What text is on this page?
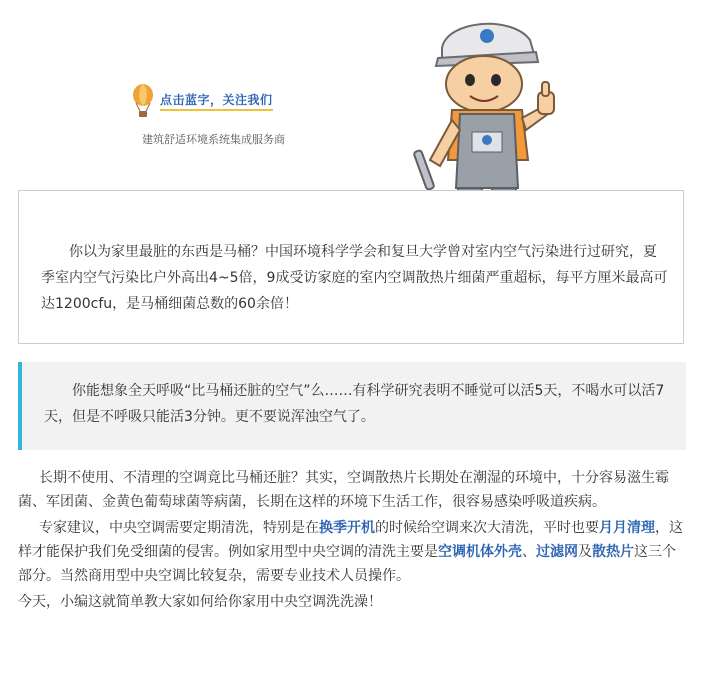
点击蓝字，关注我们
建筑舒适环境系统集成服务商

你以为家里最脏的东西是马桶？中国环境科学学会和复旦大学曾对室内空气污染进行过研究，夏季室内空气污染比户外高出4~5倍，9成受访家庭的室内空调散热片细菌严重超标，每平方厘米最高可达1200cfu，是马桶细菌总数的60余倍！

你能想象全天呼吸“比马桶还脏的空气”么……有科学研究表明不睡觉可以活5天，不喝水可以活7天，但是不呼吸只能活3分钟。更不要说浑浊空气了。

长期不使用、不清理的空调竟比马桶还脏？其实，空调散热片长期处在潮湿的环境中，十分容易滋生霉菌、军团菌、金黄色葡萄球菌等病菌，长期在这样的环境下生活工作，很容易感染呼吸道疾病。

专家建议，中央空调需要定期清洗，特别是在换季开机的时候给空调来次大清洗，平时也要月月清理，这样才能保护我们免受细菌的侵害。例如家用型中央空调的清洗主要是空调机体外壳、过滤网及散热片这三个部分。当然商用型中央空调比较复杂，需要专业技术人员操作。

今天，小编这就简单教大家如何给你家用中央空调洗洗澡！
